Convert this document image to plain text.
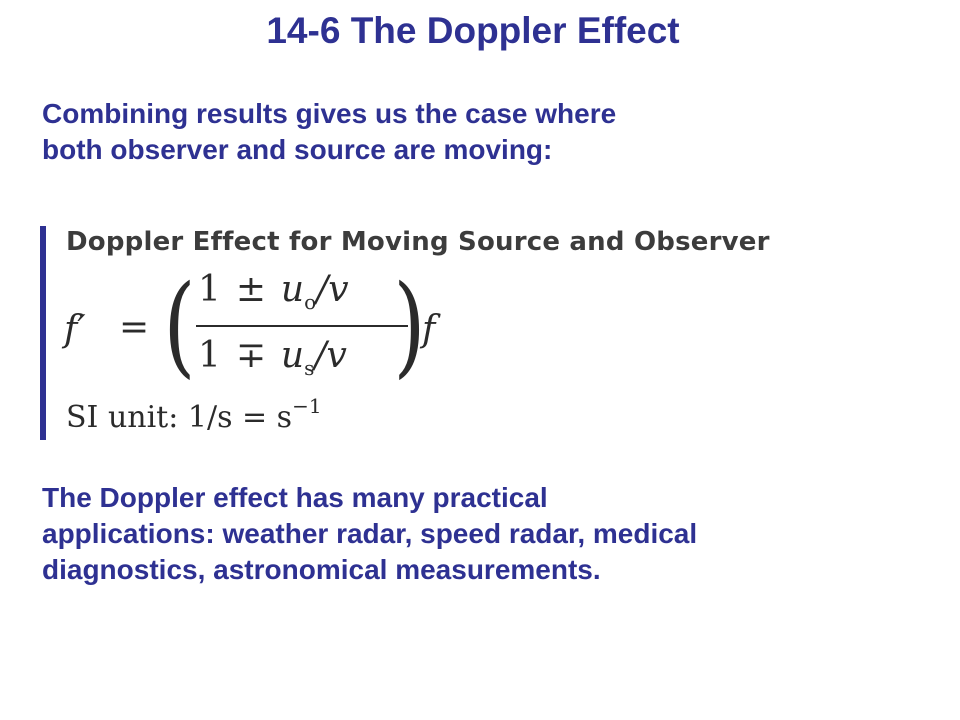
14-6 The Doppler Effect
Combining results gives us the case where
both observer and source are moving:
Doppler Effect for Moving Source and Observer
f′ = ( $1 \pm u_o/v$
$1 \mp u_s/v$ )
f
SI unit: $1/s = s^{-1}$
The Doppler effect has many practical
applications: weather radar, speed radar, medical
diagnostics, astronomical measurements.
